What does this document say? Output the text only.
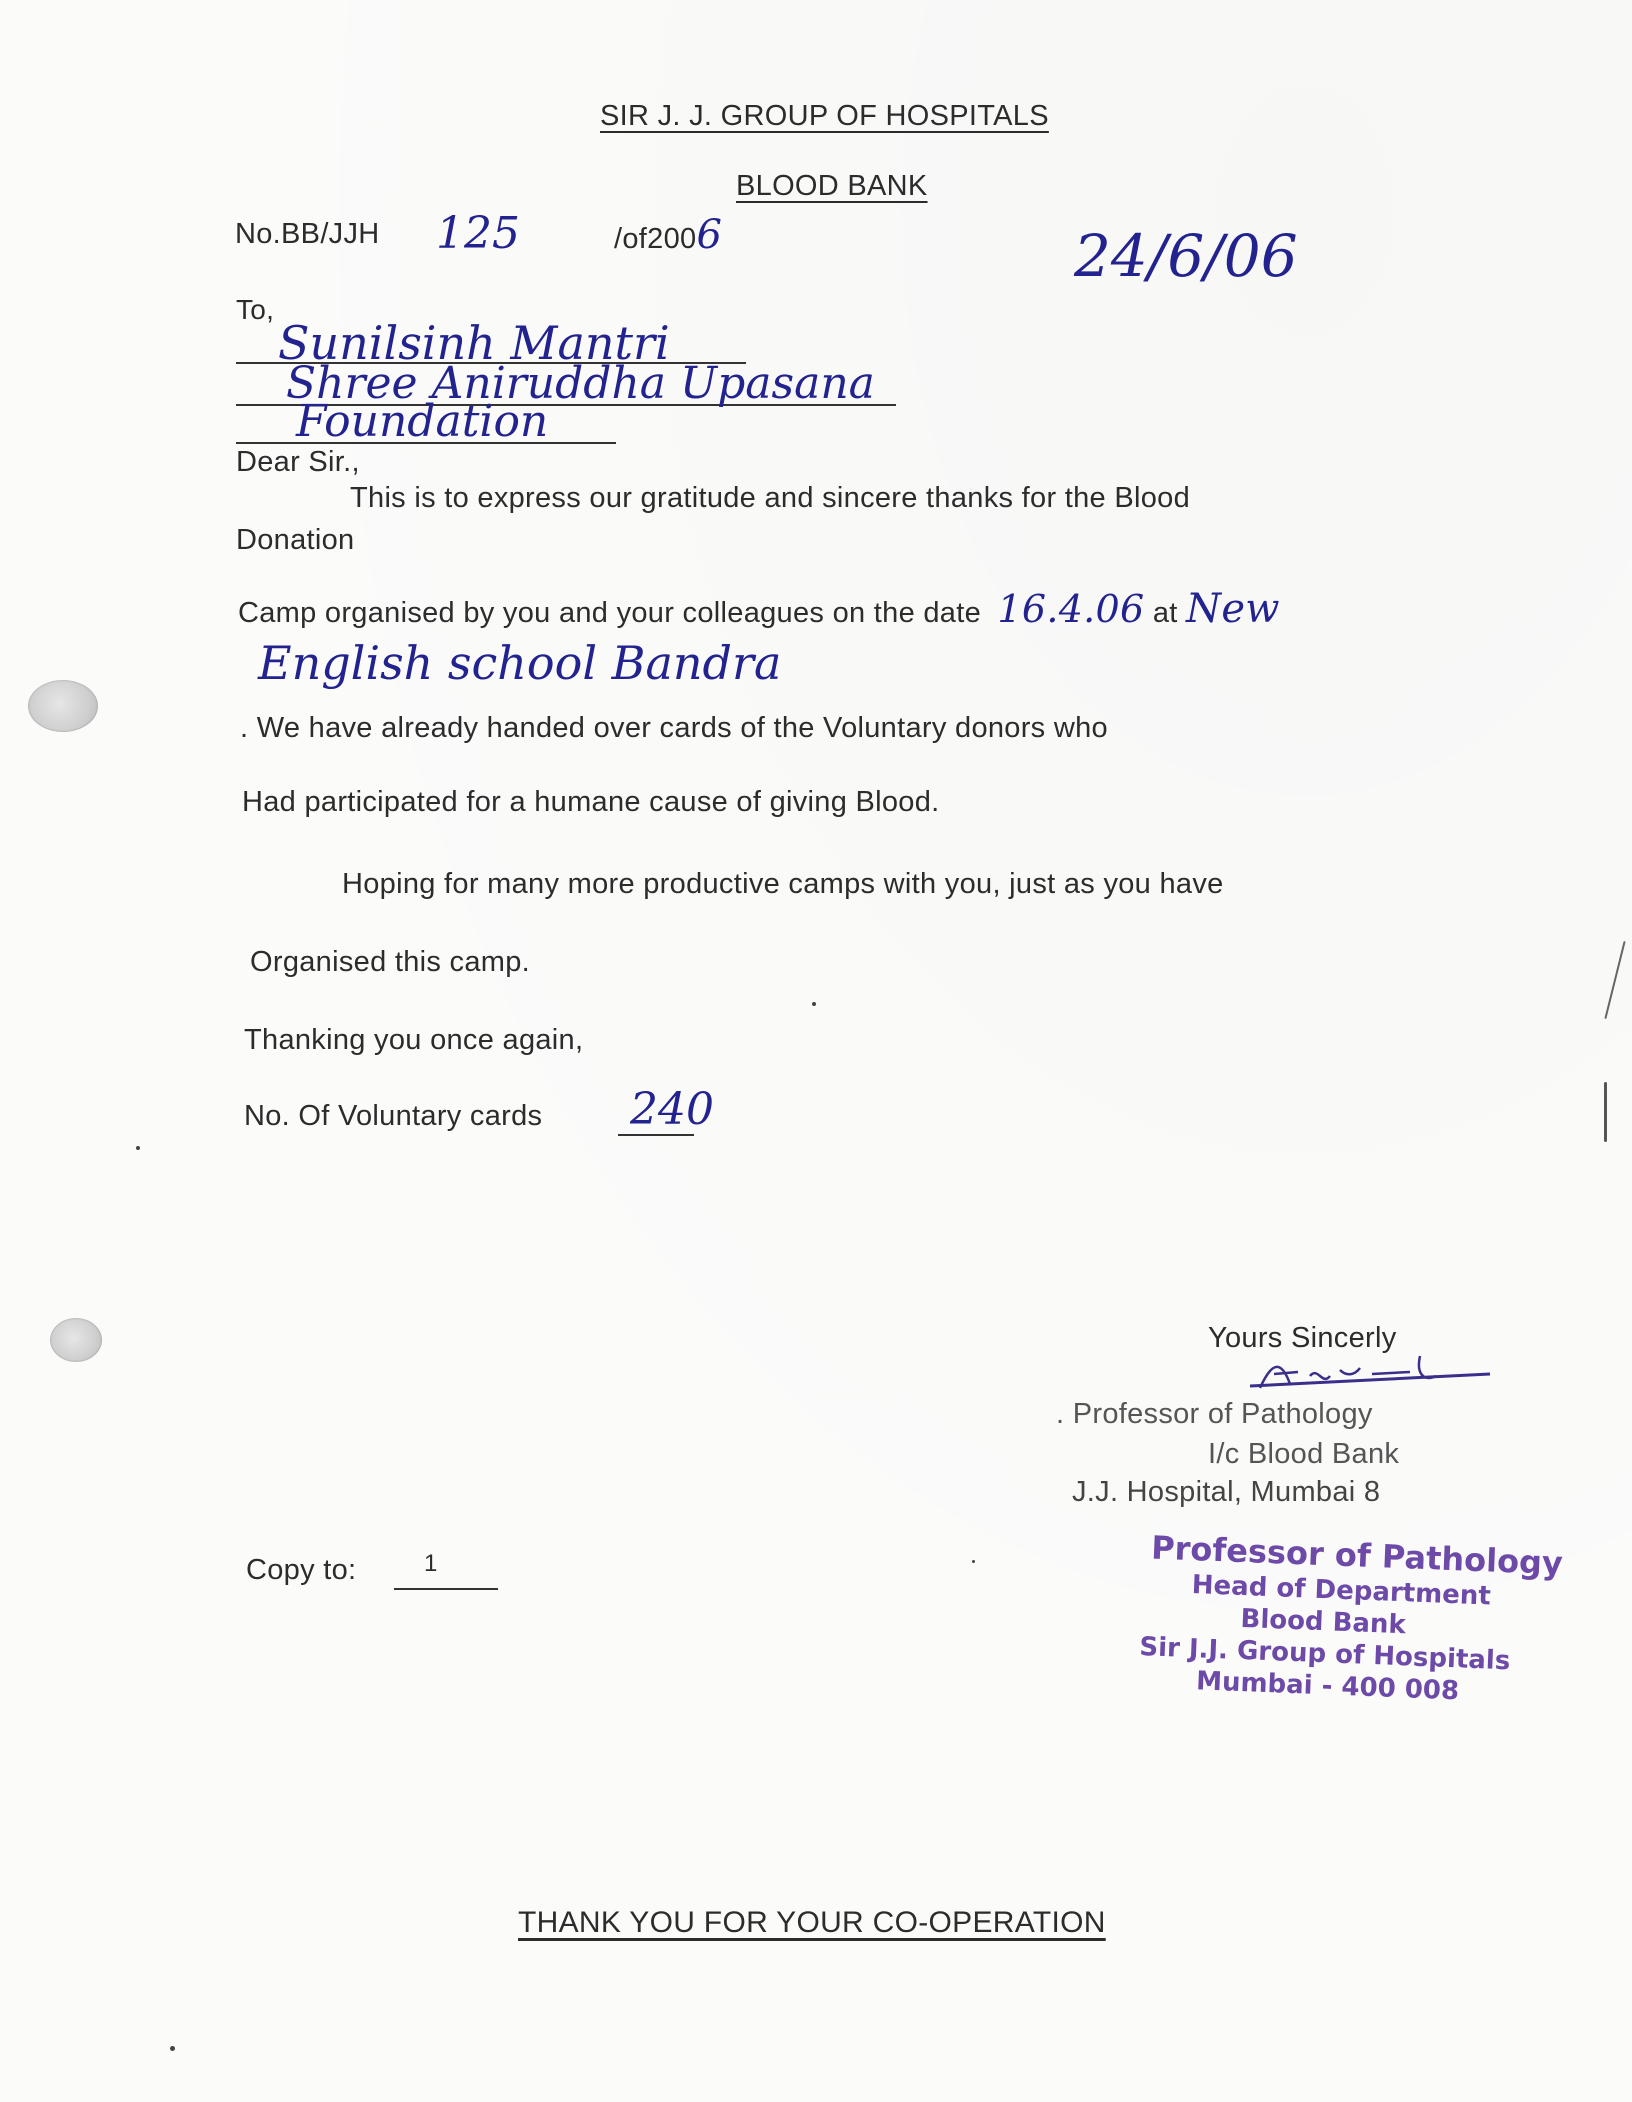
SIR J. J. GROUP OF HOSPITALS
BLOOD BANK
No.BB/JJH 125	/of2006	24/6/06
To,
Sunilsinh Mantri
Shree Aniruddha Upasana
Foundation
Dear Sir.,
This is to express our gratitude and sincere thanks for the Blood
Donation
Camp organised by you and your colleagues on the date 16.4.06 at New
English school Bandra
. We have already handed over cards of the Voluntary donors who
Had participated for a humane cause of giving Blood.
Hoping for many more productive camps with you, just as you have
Organised this camp.
Thanking you once again,
No. Of Voluntary cards 240
Yours Sincerly
. Professor of Pathology
I/c Blood Bank
J.J. Hospital, Mumbai 8
Professor of Pathology
Head of Department
Blood Bank
Sir J.J. Group of Hospitals
Mumbai - 400 008
Copy to:	1
THANK YOU FOR YOUR CO-OPERATION
